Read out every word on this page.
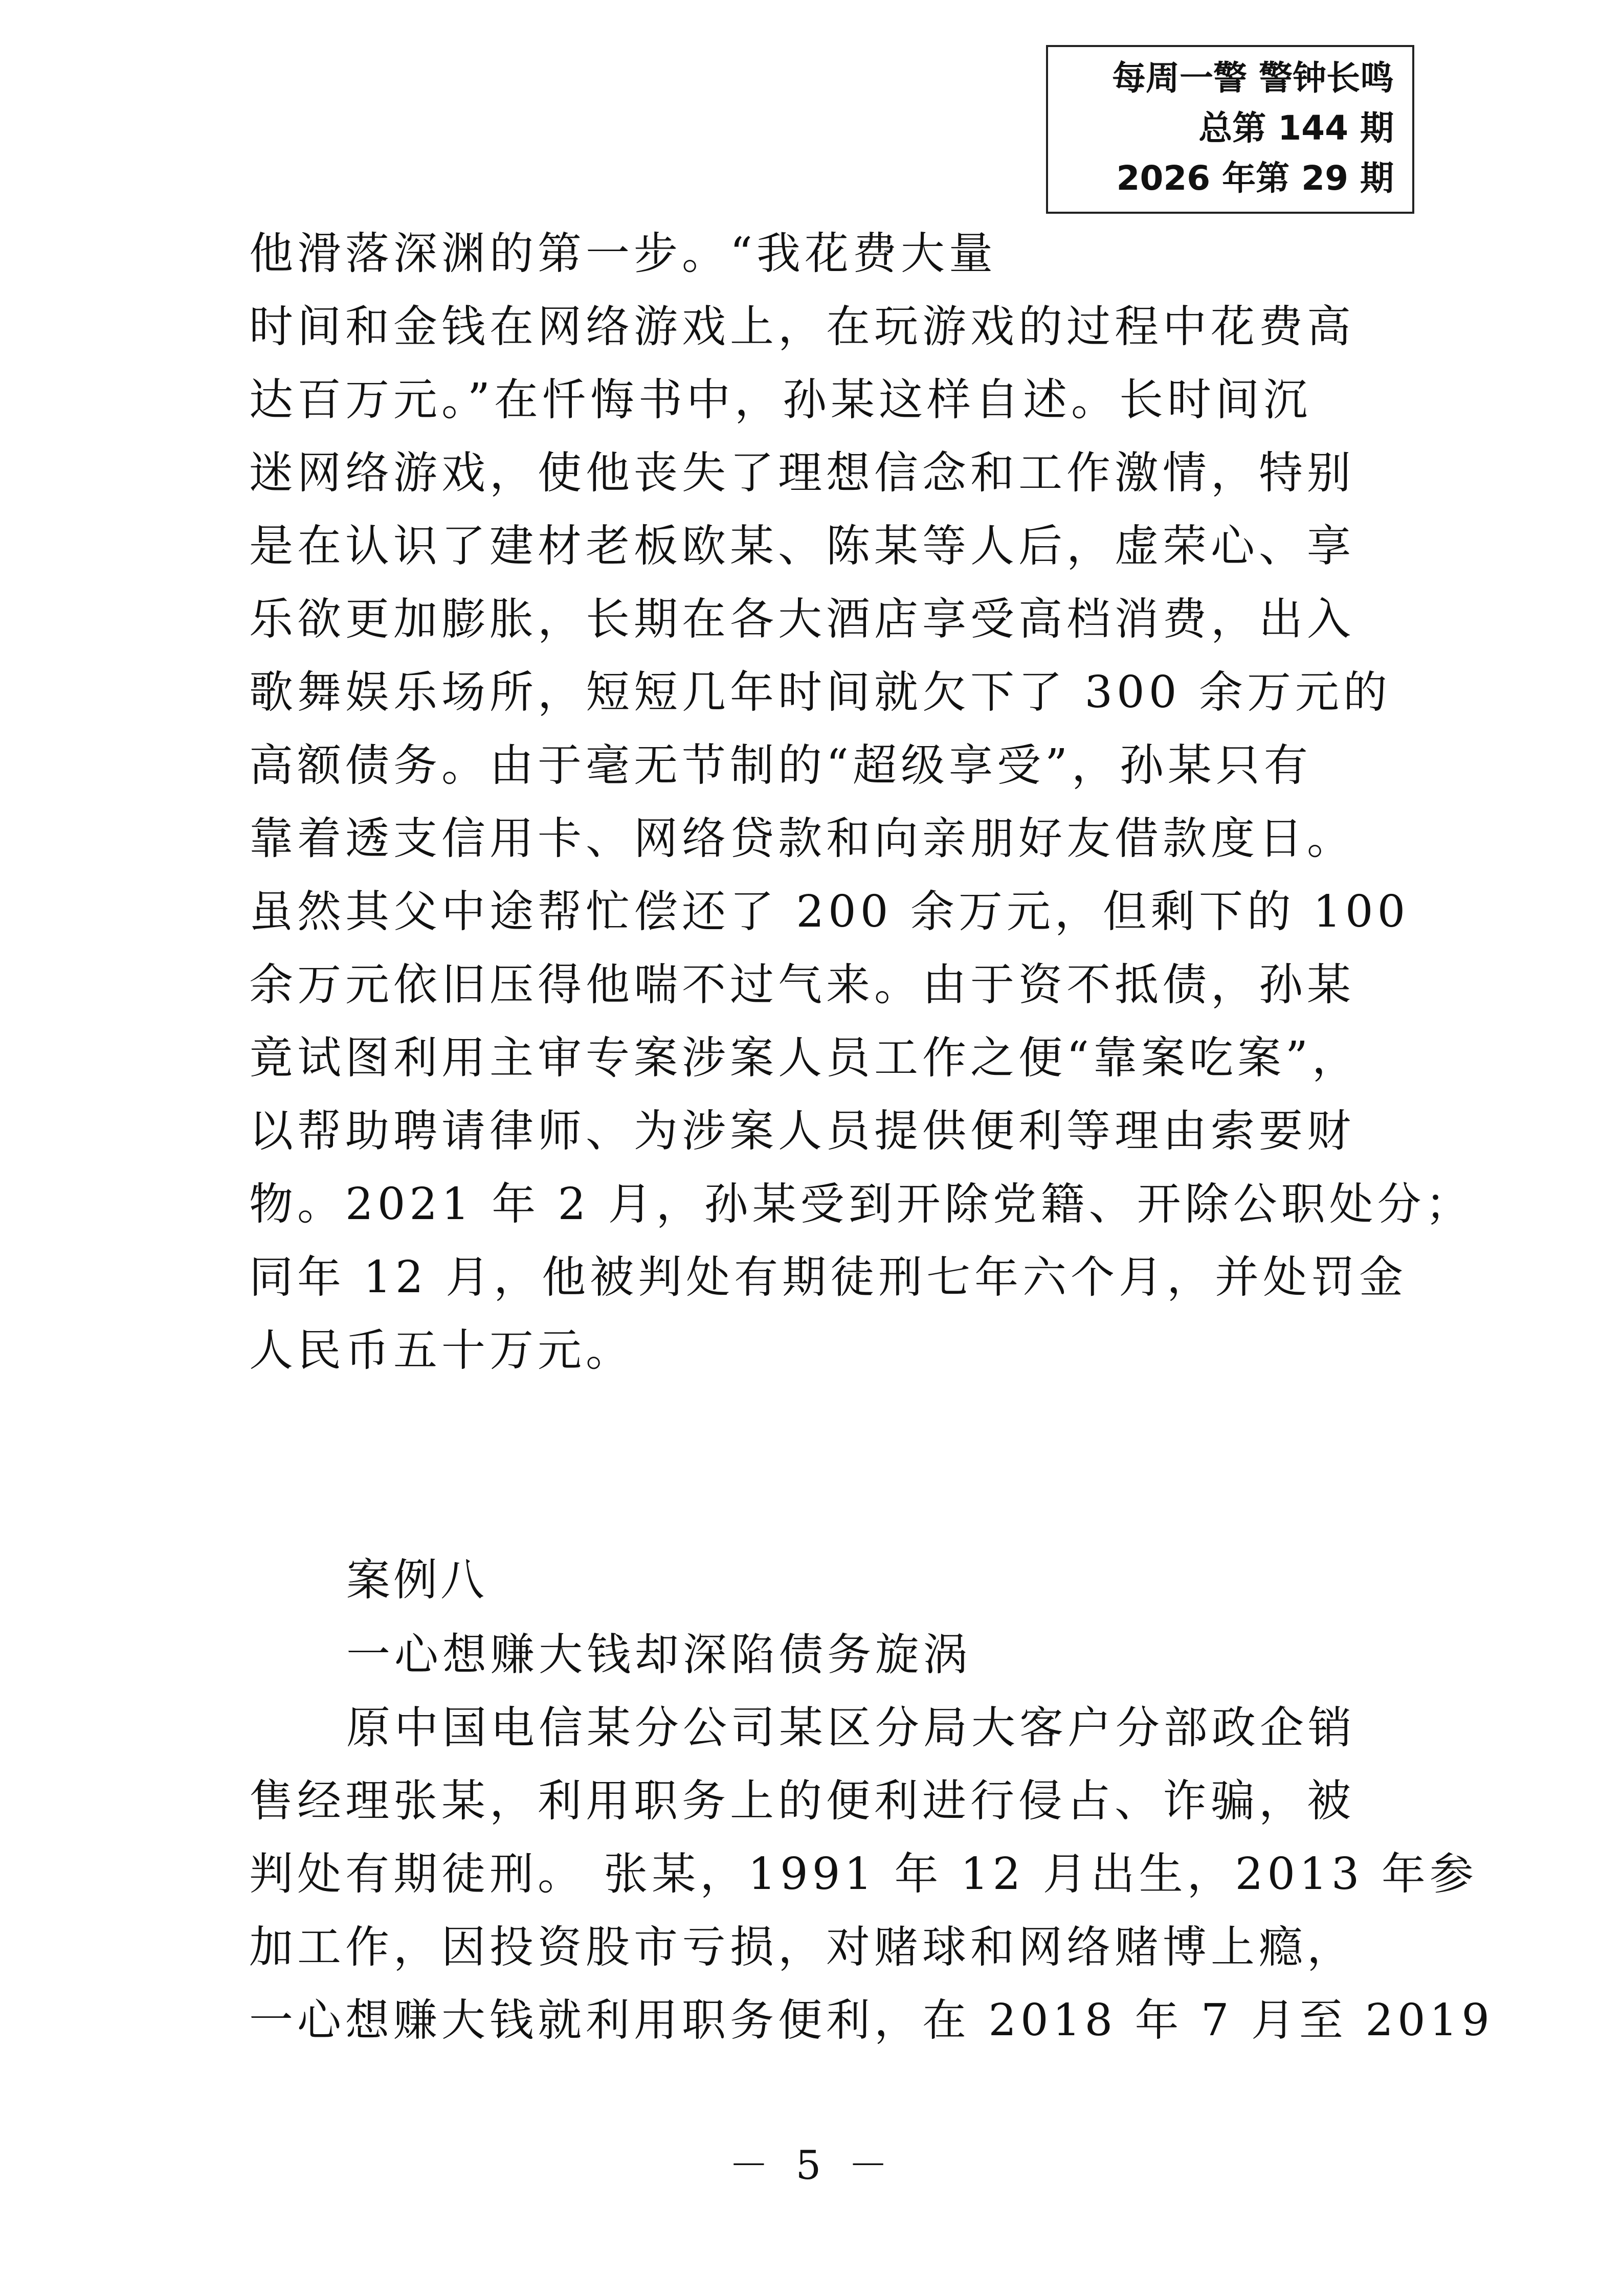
每周一警 警钟长鸣
总第 144 期
2026 年第 29 期
他滑落深渊的第一步。“我花费大量
时间和金钱在网络游戏上，在玩游戏的过程中花费高
达百万元。”在忏悔书中，孙某这样自述。长时间沉
迷网络游戏，使他丧失了理想信念和工作激情，特别
是在认识了建材老板欧某、陈某等人后，虚荣心、享
乐欲更加膨胀，长期在各大酒店享受高档消费，出入
歌舞娱乐场所，短短几年时间就欠下了 300 余万元的
高额债务。由于毫无节制的“超级享受”，孙某只有
靠着透支信用卡、网络贷款和向亲朋好友借款度日。
虽然其父中途帮忙偿还了 200 余万元，但剩下的 100
余万元依旧压得他喘不过气来。由于资不抵债，孙某
竟试图利用主审专案涉案人员工作之便“靠案吃案”，
以帮助聘请律师、为涉案人员提供便利等理由索要财
物。2021 年 2 月，孙某受到开除党籍、开除公职处分；
同年 12 月，他被判处有期徒刑七年六个月，并处罚金
人民币五十万元。
案例八
一心想赚大钱却深陷债务旋涡
原中国电信某分公司某区分局大客户分部政企销
售经理张某，利用职务上的便利进行侵占、诈骗，被
判处有期徒刑。 张某，1991 年 12 月出生，2013 年参
加工作，因投资股市亏损，对赌球和网络赌博上瘾，
一心想赚大钱就利用职务便利，在 2018 年 7 月至 2019
－ 5 －
